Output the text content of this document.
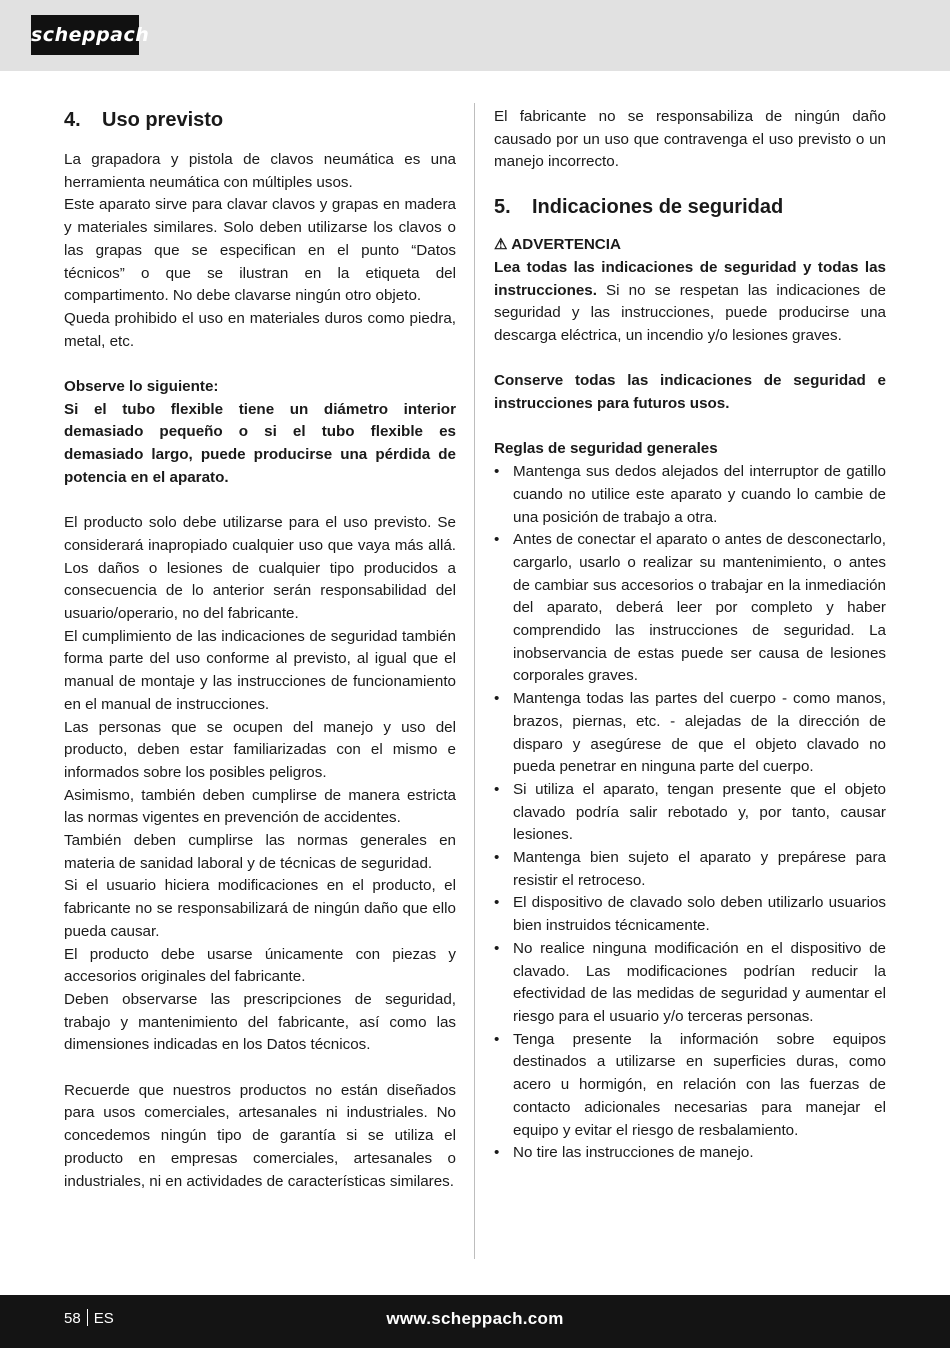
scheppach
4. Uso previsto

La grapadora y pistola de clavos neumática es una herramienta neumática con múltiples usos.

Este aparato sirve para clavar clavos y grapas en madera y materiales similares. Solo deben utilizarse los clavos o las grapas que se especifican en el punto “Datos técnicos” o que se ilustran en la etiqueta del compartimento. No debe clavarse ningún otro objeto.

Queda prohibido el uso en materiales duros como piedra, metal, etc.

Observe lo siguiente:

Si el tubo flexible tiene un diámetro interior demasiado pequeño o si el tubo flexible es demasiado largo, puede producirse una pérdida de potencia en el aparato.

El producto solo debe utilizarse para el uso previsto. Se considerará inapropiado cualquier uso que vaya más allá. Los daños o lesiones de cualquier tipo producidos a consecuencia de lo anterior serán responsabilidad del usuario/operario, no del fabricante.

El cumplimiento de las indicaciones de seguridad también forma parte del uso conforme al previsto, al igual que el manual de montaje y las instrucciones de funcionamiento en el manual de instrucciones.

Las personas que se ocupen del manejo y uso del producto, deben estar familiarizadas con el mismo e informados sobre los posibles peligros.

Asimismo, también deben cumplirse de manera estricta las normas vigentes en prevención de accidentes.

También deben cumplirse las normas generales en materia de sanidad laboral y de técnicas de seguridad.

Si el usuario hiciera modificaciones en el producto, el fabricante no se responsabilizará de ningún daño que ello pueda causar.

El producto debe usarse únicamente con piezas y accesorios originales del fabricante.

Deben observarse las prescripciones de seguridad, trabajo y mantenimiento del fabricante, así como las dimensiones indicadas en los Datos técnicos.

Recuerde que nuestros productos no están diseñados para usos comerciales, artesanales ni industriales. No concedemos ningún tipo de garantía si se utiliza el producto en empresas comerciales, artesanales o industriales, ni en actividades de características similares.

El fabricante no se responsabiliza de ningún daño causado por un uso que contravenga el uso previsto o un manejo incorrecto.

5. Indicaciones de seguridad

⚠ ADVERTENCIA

Lea todas las indicaciones de seguridad y todas las instrucciones. Si no se respetan las indicaciones de seguridad y las instrucciones, puede producirse una descarga eléctrica, un incendio y/o lesiones graves.

Conserve todas las indicaciones de seguridad e instrucciones para futuros usos.

Reglas de seguridad generales

• Mantenga sus dedos alejados del interruptor de gatillo cuando no utilice este aparato y cuando lo cambie de una posición de trabajo a otra.
• Antes de conectar el aparato o antes de desconectarlo, cargarlo, usarlo o realizar su mantenimiento, o antes de cambiar sus accesorios o trabajar en la inmediación del aparato, deberá leer por completo y haber comprendido las instrucciones de seguridad. La inobservancia de estas puede ser causa de lesiones corporales graves.
• Mantenga todas las partes del cuerpo - como manos, brazos, piernas, etc. - alejadas de la dirección de disparo y asegúrese de que el objeto clavado no pueda penetrar en ninguna parte del cuerpo.
• Si utiliza el aparato, tengan presente que el objeto clavado podría salir rebotado y, por tanto, causar lesiones.
• Mantenga bien sujeto el aparato y prepárese para resistir el retroceso.
• El dispositivo de clavado solo deben utilizarlo usuarios bien instruidos técnicamente.
• No realice ninguna modificación en el dispositivo de clavado. Las modificaciones podrían reducir la efectividad de las medidas de seguridad y aumentar el riesgo para el usuario y/o terceras personas.
• Tenga presente la información sobre equipos destinados a utilizarse en superficies duras, como acero u hormigón, en relación con las fuerzas de contacto adicionales necesarias para manejar el equipo y evitar el riesgo de resbalamiento.
• No tire las instrucciones de manejo.
58 ES	www.scheppach.com
